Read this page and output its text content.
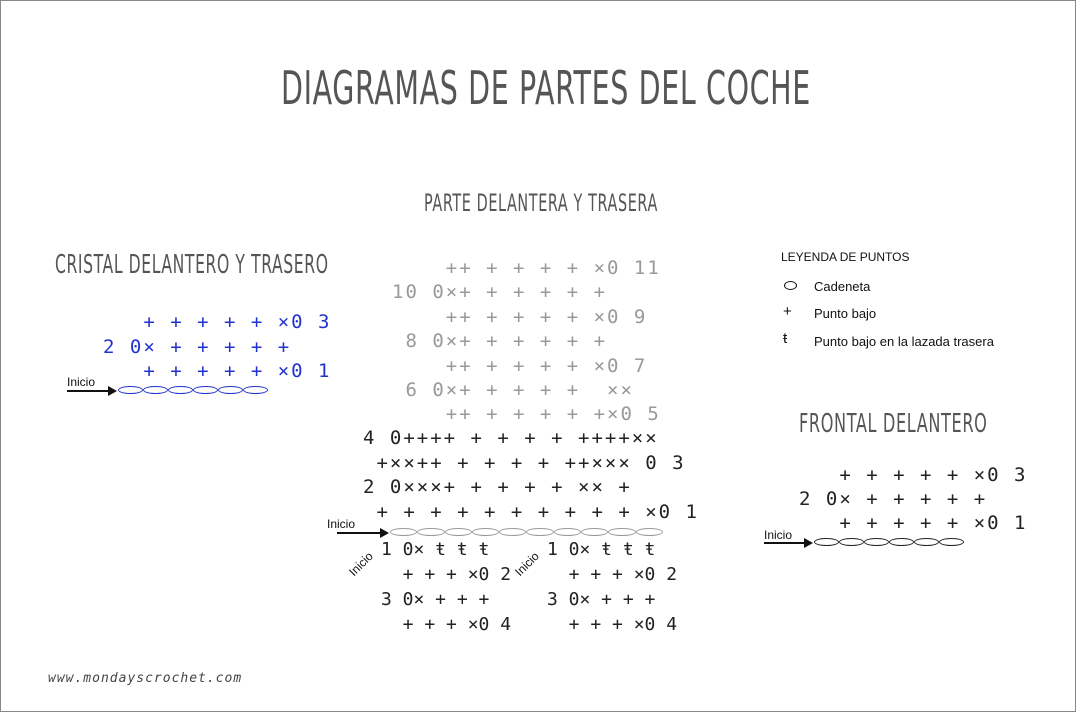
DIAGRAMAS DE PARTES DEL COCHE
PARTE DELANTERA Y TRASERA
CRISTAL DELANTERO Y TRASERO
FRONTAL DELANTERO
LEYENDA DE PUNTOS
Cadeneta
+ Punto bajo
ŧ Punto bajo en la lazada trasera
+ + + + + ×0 3
2 0× + + + + +
+ + + + + ×0 1
Inicio
++ + + + + ×0 11
10 0×+ + + + + +
++ + + + + ×0 9
8 0×+ + + + + +
++ + + + + ×0 7
6 0×+ + + + +  ××
++ + + + + +×0 5
4 0++++ + + + + ++++××
+××++ + + + + ++××× 0 3
2 0×××+ + + + + ×× +
+ + + + + + + + + + ×0 1
Inicio
Inicio	Inicio
1 0× ŧ ŧ ŧ	1 0× ŧ ŧ ŧ
+ + + ×0 2 + + + ×0 2
3 0× + + +	3 0× + + +
+ + + ×0 4 + + + ×0 4
+ + + + + ×0 3
2 0× + + + + +
+ + + + + ×0 1
Inicio
www.mondayscrochet.com
